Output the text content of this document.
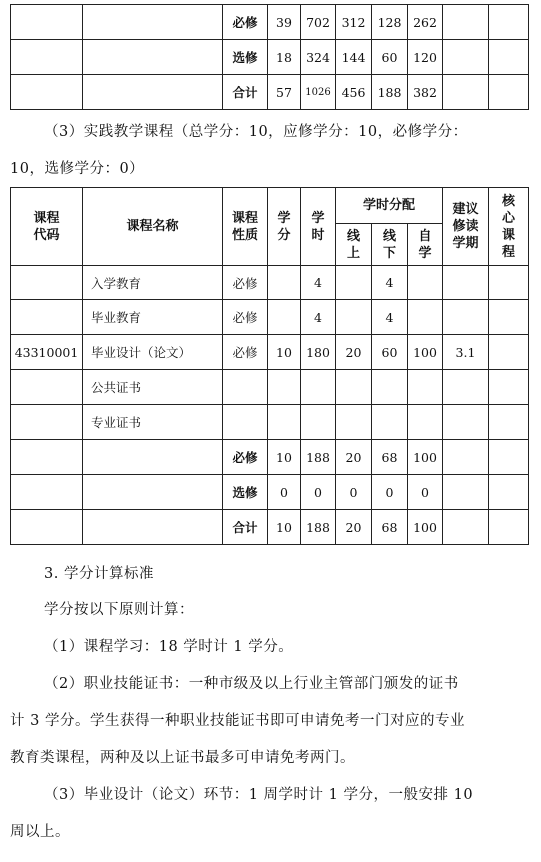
		必修	39	702	312	128	262		
		选修	18	324	144	60	120		
		合计	57	1026	456	188	382		
（3）实践教学课程（总学分：10，应修学分：10，必修学分：
10，选修学分：0）
课程代码	课程名称	课程性质	学分	学时	学时分配			建议修读学期	核心课程
					线上	线下	自学		
	入学教育	必修		4		4			
	毕业教育	必修		4		4			
43310001	毕业设计（论文）	必修	10	180	20	60	100	3.1	
	公共证书								
	专业证书								
		必修	10	188	20	68	100		
		选修	0	0	0	0	0		
		合计	10	188	20	68	100		
3. 学分计算标准
学分按以下原则计算：
（1）课程学习：18 学时计 1 学分。
（2）职业技能证书：一种市级及以上行业主管部门颁发的证书
计 3 学分。学生获得一种职业技能证书即可申请免考一门对应的专业
教育类课程，两种及以上证书最多可申请免考两门。
（3）毕业设计（论文）环节：1 周学时计 1 学分，一般安排 10
周以上。
